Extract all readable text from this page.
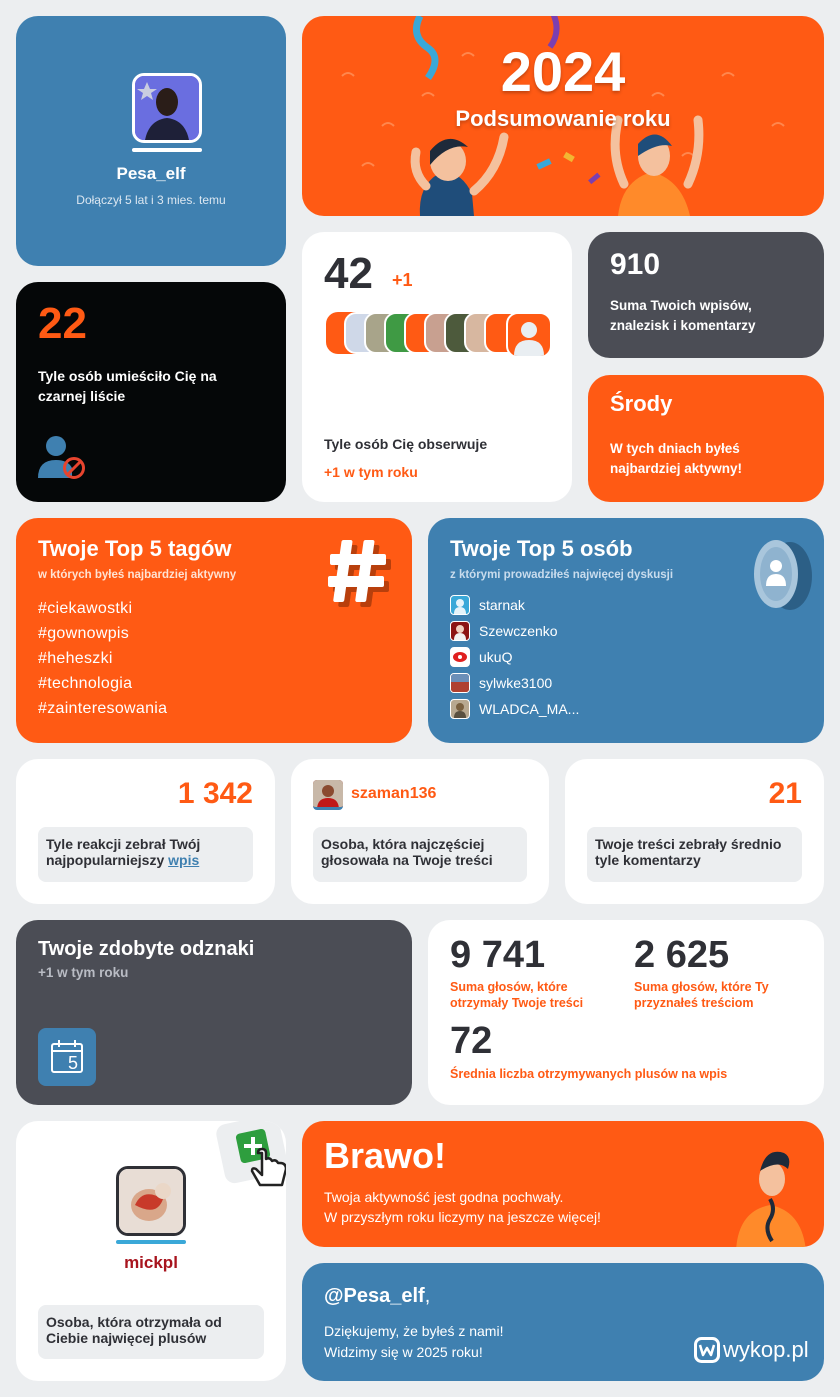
Pesa_elf
Dołączył 5 lat i 3 mies. temu
2024
Podsumowanie roku
22
Tyle osób umieściło Cię na czarnej liście
42 +1
Tyle osób Cię obserwuje
+1 w tym roku
910
Suma Twoich wpisów, znalezisk i komentarzy
Środy
W tych dniach byłeś najbardziej aktywny!
Twoje Top 5 tagów
w których byłeś najbardziej aktywny
#ciekawostki
#gownowpis
#heheszki
#technologia
#zainteresowania
Twoje Top 5 osób
z którymi prowadziłeś najwięcej dyskusji
starnak
Szewczenko
ukuQ
sylwke3100
WLADCA_MA...
1 342
Tyle reakcji zebrał Twój najpopularniejszy wpis
szaman136
Osoba, która najczęściej głosowała na Twoje treści
21
Twoje treści zebrały średnio tyle komentarzy
Twoje zdobyte odznaki
+1 w tym roku
5
9 741
Suma głosów, które otrzymały Twoje treści
2 625
Suma głosów, które Ty przyznałeś treściom
72
Średnia liczba otrzymywanych plusów na wpis
mickpl
Osoba, która otrzymała od Ciebie najwięcej plusów
Brawo!
Twoja aktywność jest godna pochwały.
W przyszłym roku liczymy na jeszcze więcej!
@Pesa_elf,
Dziękujemy, że byłeś z nami!
Widzimy się w 2025 roku!	wykop.pl
